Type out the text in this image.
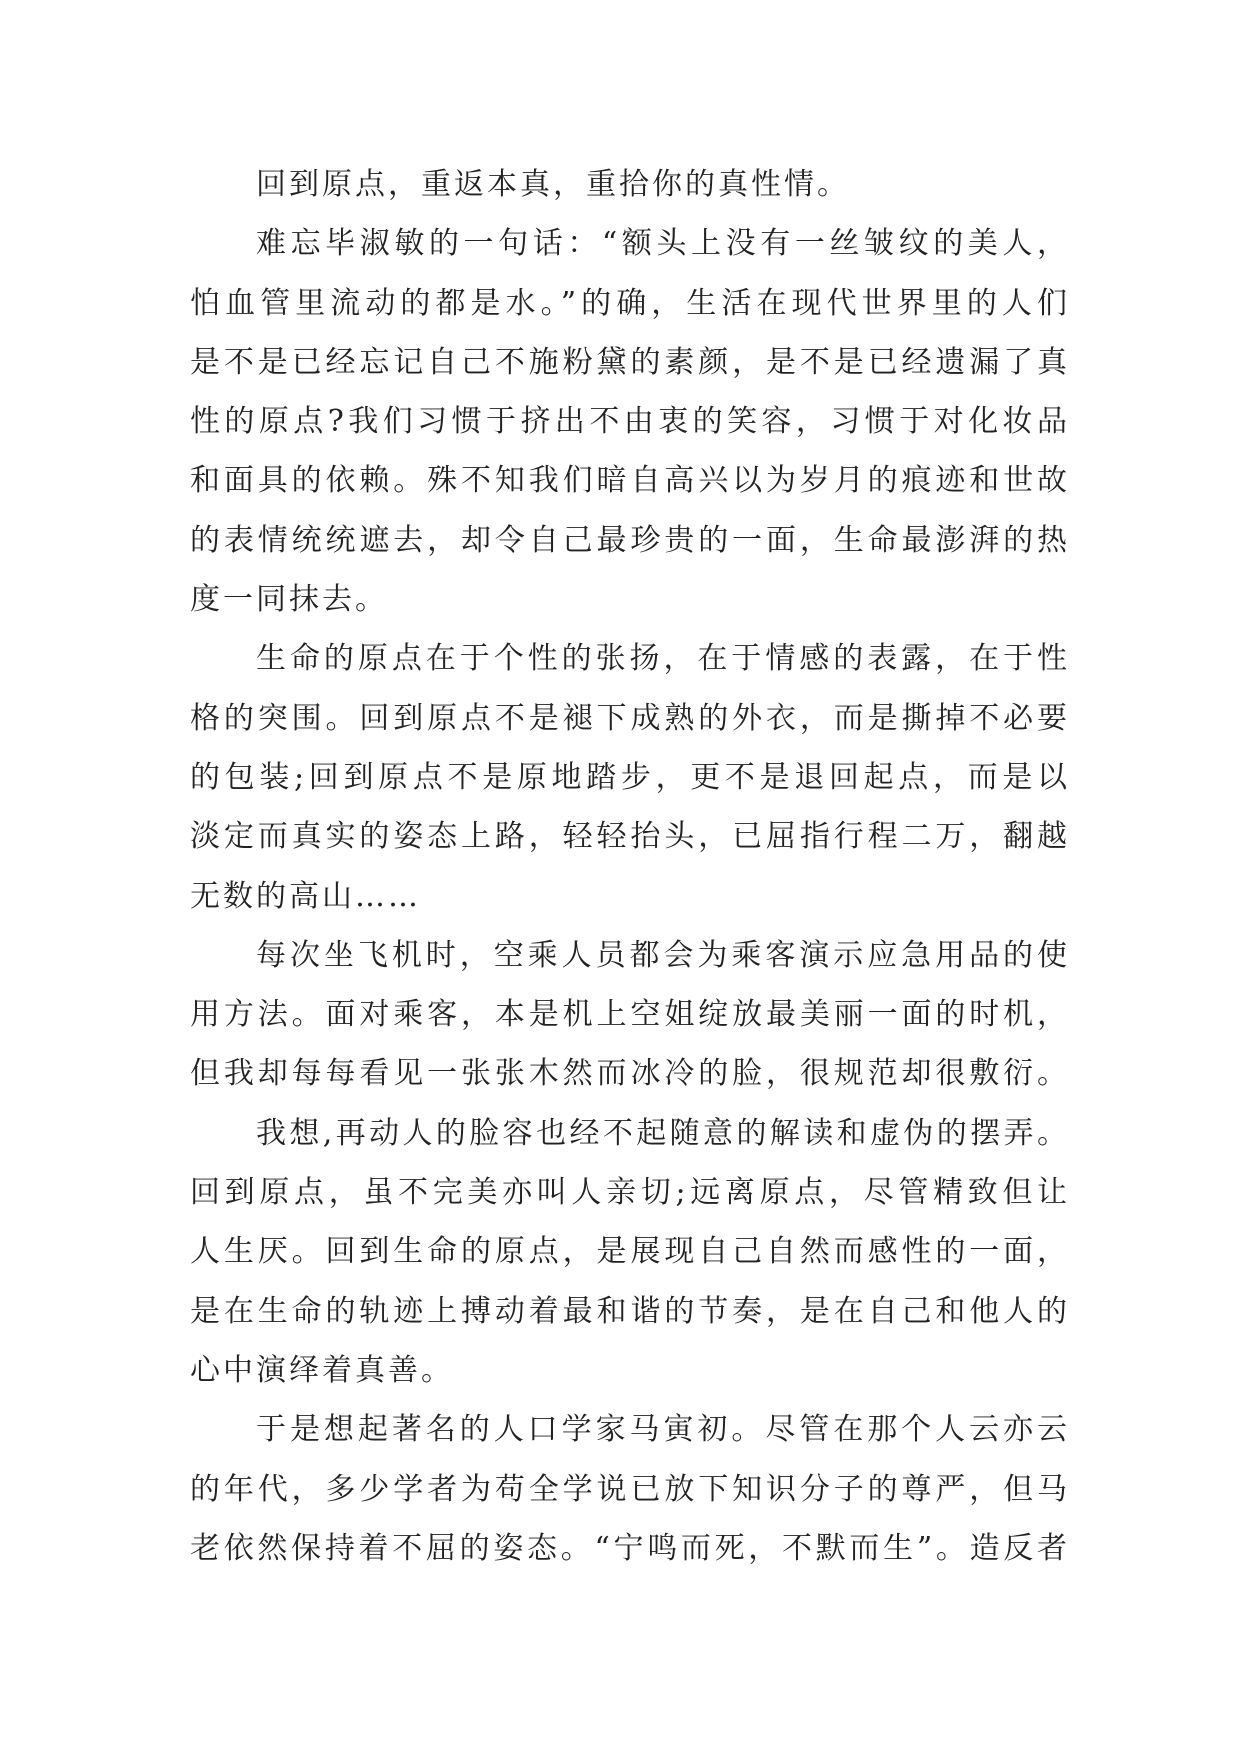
回到原点，重返本真，重拾你的真性情。
难忘毕淑敏的一句话：“额头上没有一丝皱纹的美人，
怕血管里流动的都是水。”的确，生活在现代世界里的人们
是不是已经忘记自己不施粉黛的素颜，是不是已经遗漏了真
性的原点?我们习惯于挤出不由衷的笑容，习惯于对化妆品
和面具的依赖。殊不知我们暗自高兴以为岁月的痕迹和世故
的表情统统遮去，却令自己最珍贵的一面，生命最澎湃的热
度一同抹去。
生命的原点在于个性的张扬，在于情感的表露，在于性
格的突围。回到原点不是褪下成熟的外衣，而是撕掉不必要
的包装;回到原点不是原地踏步，更不是退回起点，而是以
淡定而真实的姿态上路，轻轻抬头，已屈指行程二万，翻越
无数的高山……
每次坐飞机时，空乘人员都会为乘客演示应急用品的使
用方法。面对乘客，本是机上空姐绽放最美丽一面的时机，
但我却每每看见一张张木然而冰冷的脸，很规范却很敷衍。
我想,再动人的脸容也经不起随意的解读和虚伪的摆弄。
回到原点，虽不完美亦叫人亲切;远离原点，尽管精致但让
人生厌。回到生命的原点，是展现自己自然而感性的一面，
是在生命的轨迹上搏动着最和谐的节奏，是在自己和他人的
心中演绎着真善。
于是想起著名的人口学家马寅初。尽管在那个人云亦云
的年代，多少学者为苟全学说已放下知识分子的尊严，但马
老依然保持着不屈的姿态。“宁鸣而死，不默而生”。造反者
